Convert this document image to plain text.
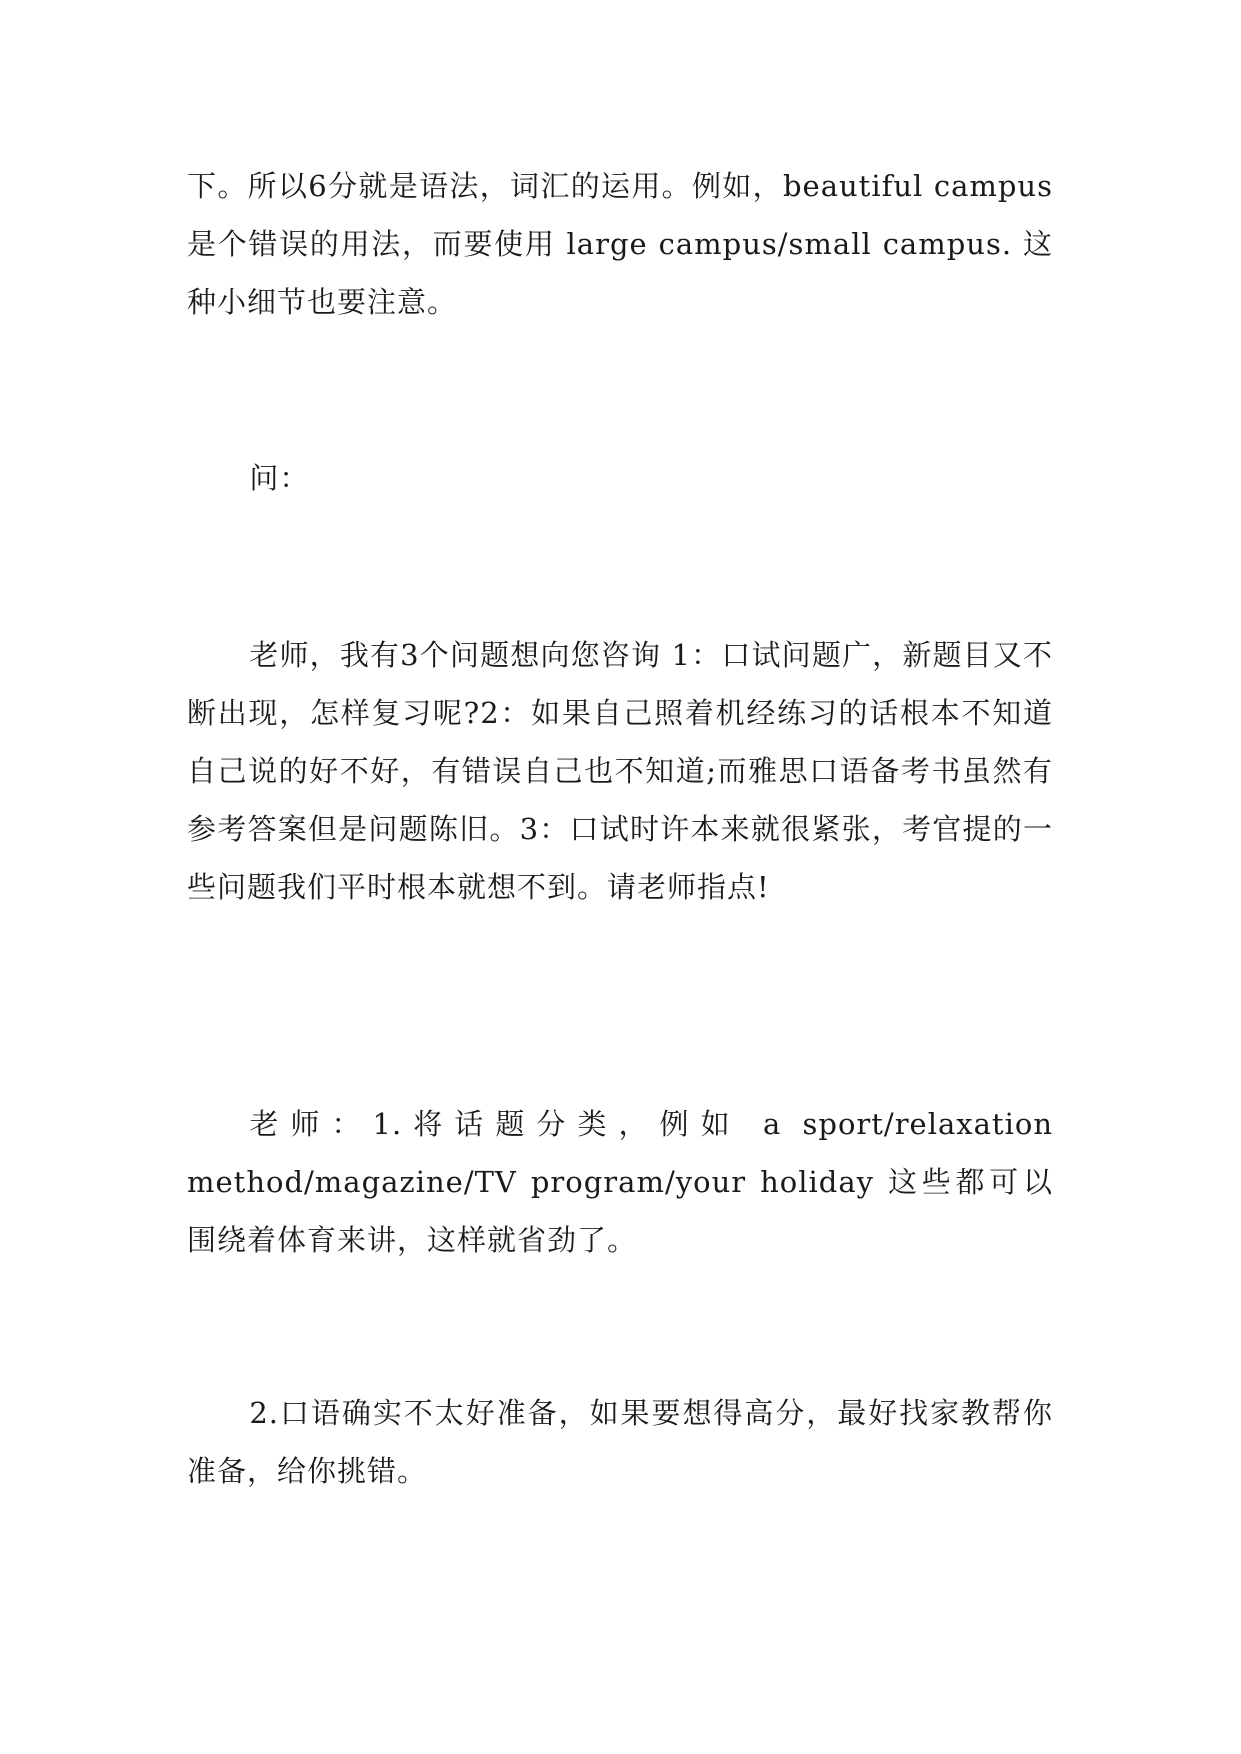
下。所以6分就是语法，词汇的运用。例如，beautiful campus 是个错误的用法，而要使用 large campus/small campus. 这种小细节也要注意。

问：

老师，我有3个问题想向您咨询 1：口试问题广，新题目又不断出现，怎样复习呢?2：如果自己照着机经练习的话根本不知道自己说的好不好，有错误自己也不知道;而雅思口语备考书虽然有参考答案但是问题陈旧。3：口试时许本来就很紧张，考官提的一些问题我们平时根本就想不到。请老师指点!

老师：1.将话题分类，例如 a sport/relaxation method/magazine/TV program/your holiday 这些都可以围绕着体育来讲，这样就省劲了。

2.口语确实不太好准备，如果要想得高分，最好找家教帮你准备，给你挑错。
